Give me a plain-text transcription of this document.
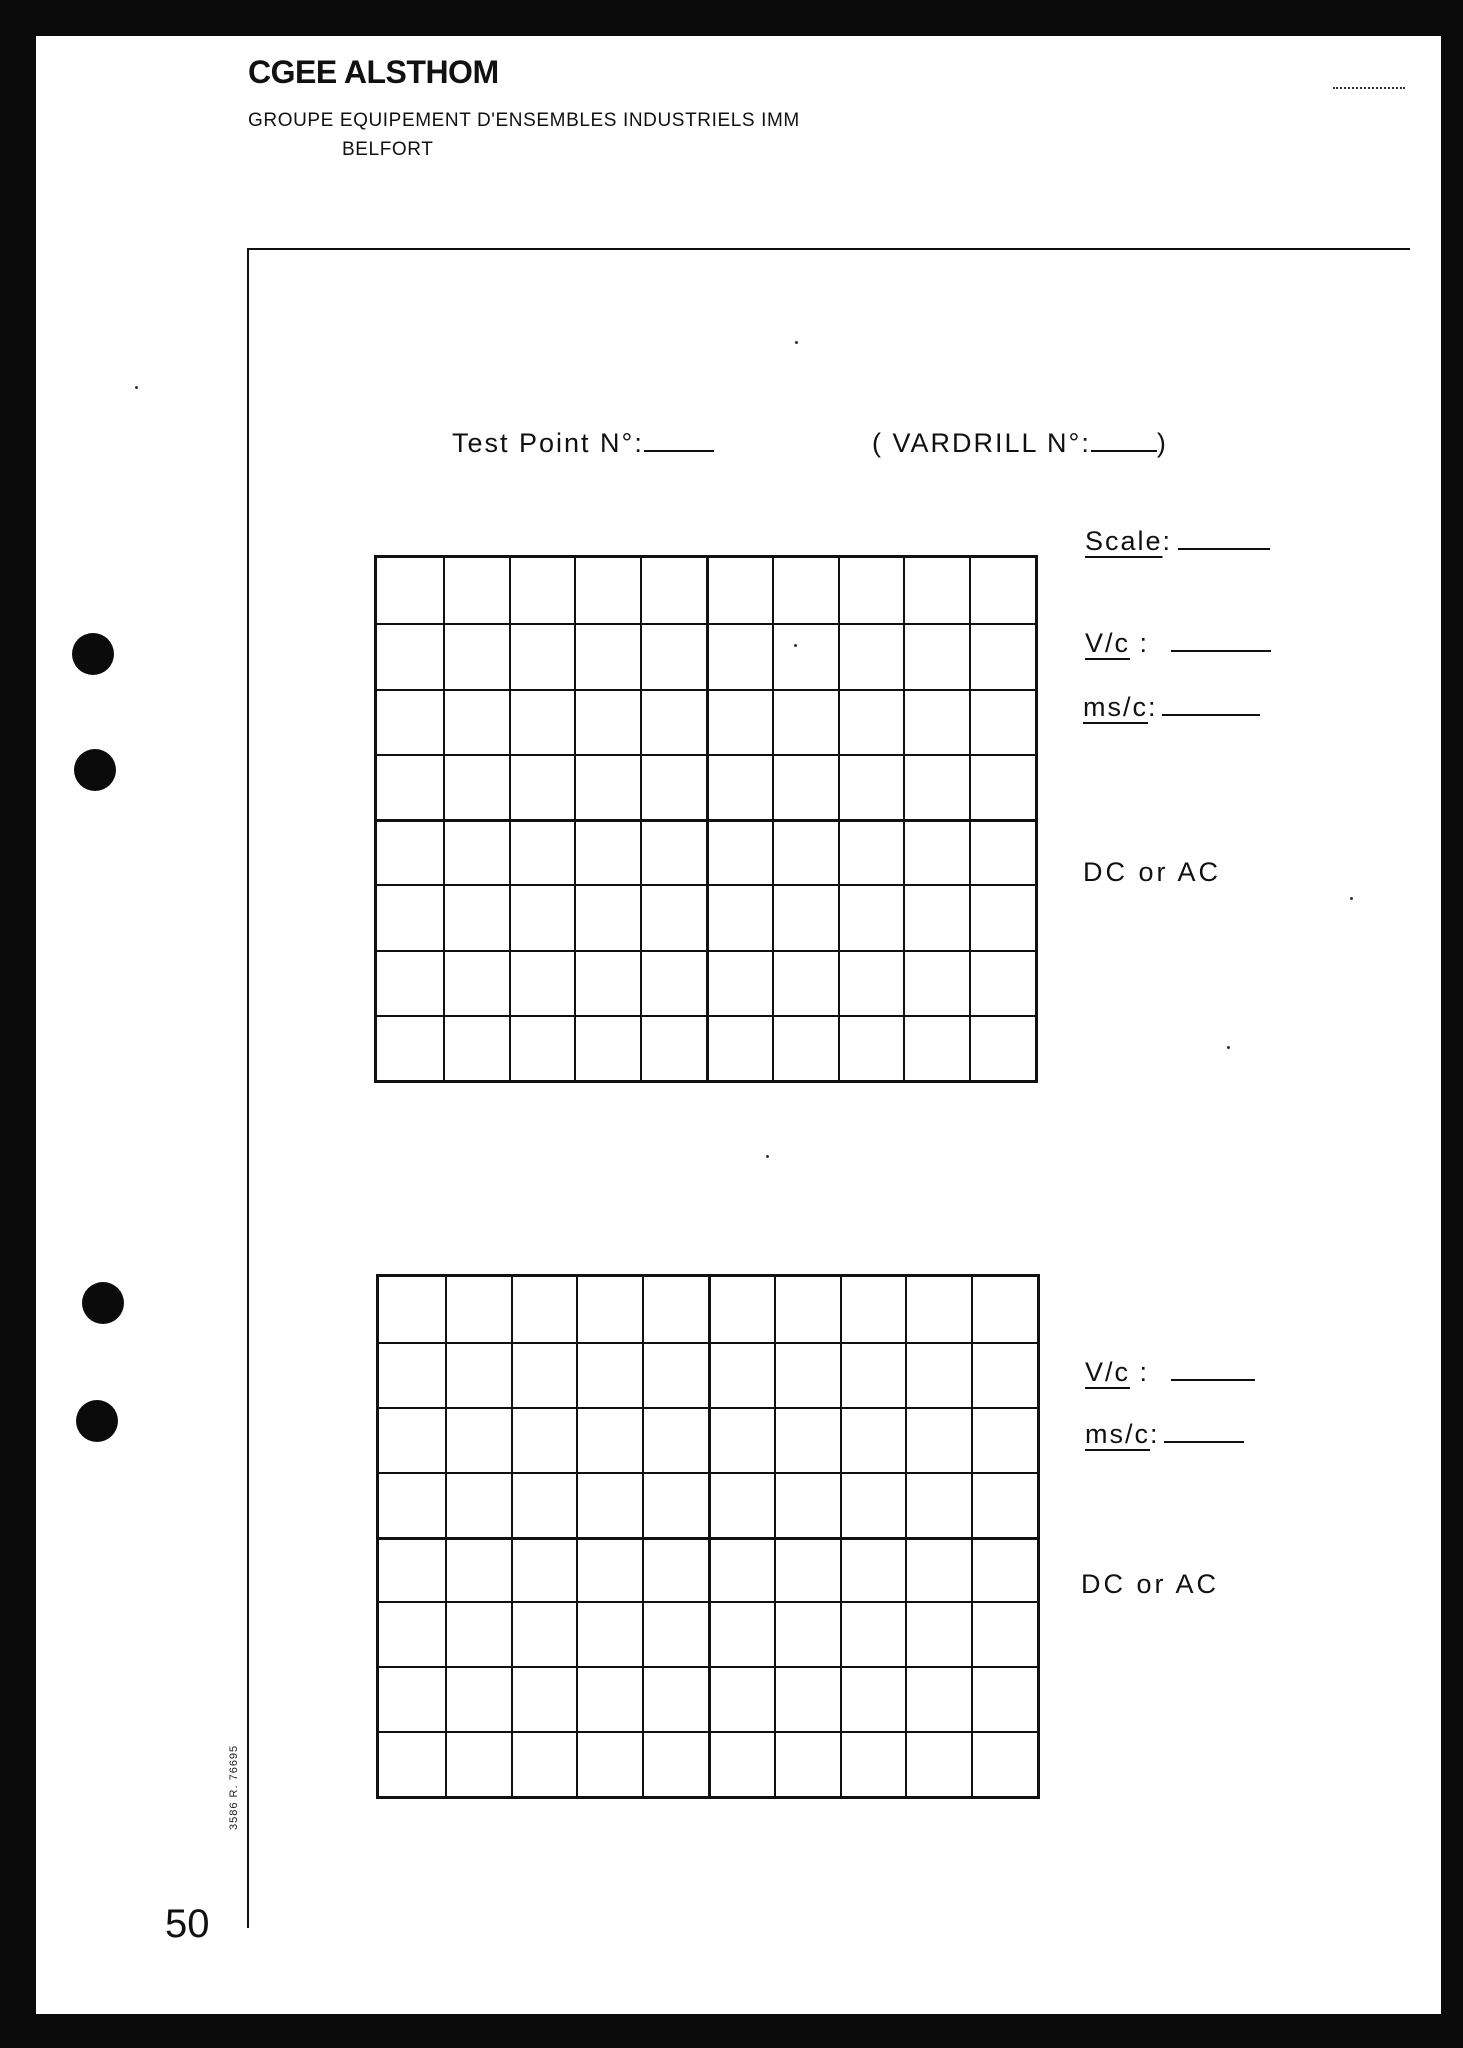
CGEE ALSTHOM
GROUPE EQUIPEMENT D'ENSEMBLES INDUSTRIELS IMM
BELFORT
Test Point N°:	( VARDRILL N°: )
Scale:
V/c :
ms/c:
DC or AC
V/c :
ms/c:
DC or AC
3586 R. 76695
50
